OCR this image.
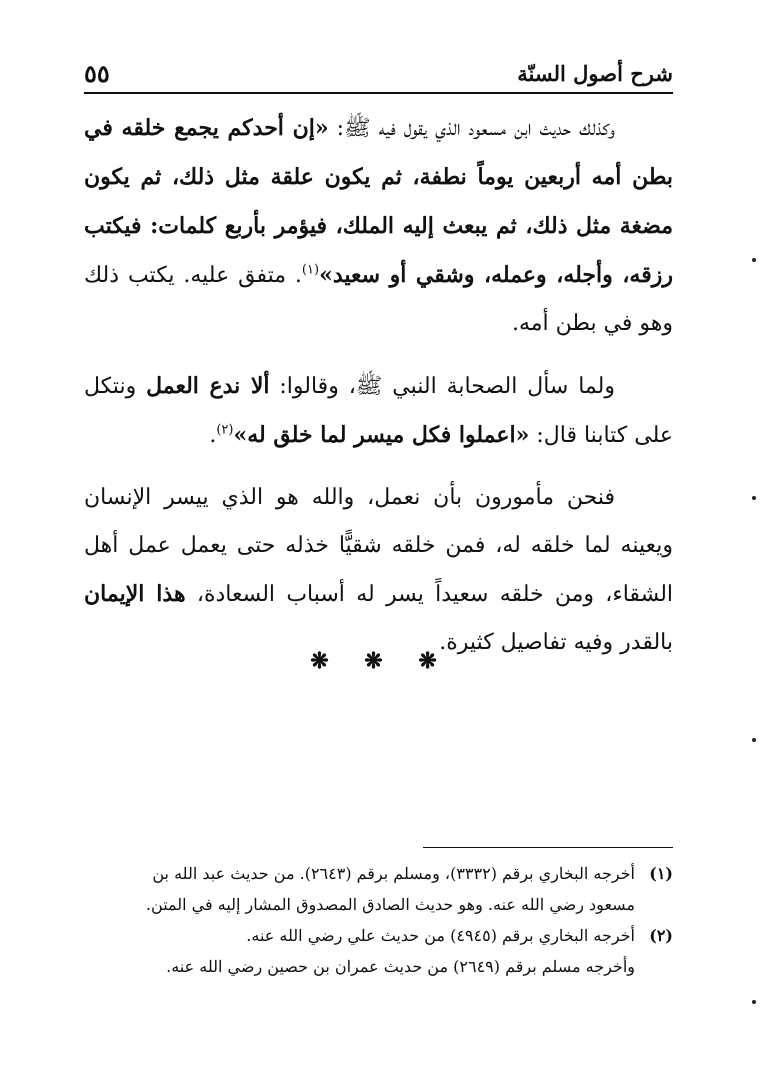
شرح أصول السنّة
٥٥

وكذلك حديث ابن مسعود الذي يقول فيه ﷺ: «إن أحدكم يجمع خلقه في بطن أمه أربعين يوماً نطفة، ثم يكون علقة مثل ذلك، ثم يكون مضغة مثل ذلك، ثم يبعث إليه الملك، فيؤمر بأربع كلمات: فيكتب رزقه، وأجله، وعمله، وشقي أو سعيد»$^{(١)}$. متفق عليه. يكتب ذلك وهو في بطن أمه.

ولما سأل الصحابة النبي ﷺ، وقالوا: ألا ندع العمل ونتكل على كتابنا قال: «اعملوا فكل ميسر لما خلق له»$^{(٢)}$.

فنحن مأمورون بأن نعمل، والله هو الذي ييسر الإنسان ويعينه لما خلقه له، فمن خلقه شقيًّا خذله حتى يعمل عمل أهل الشقاء، ومن خلقه سعيداً يسر له أسباب السعادة، هذا الإيمان بالقدر وفيه تفاصيل كثيرة.

❋ ❋ ❋

(١)أخرجه البخاري برقم (٣٣٣٢)، ومسلم برقم (٢٦٤٣). من حديث عبد الله بن

مسعود رضي الله عنه. وهو حديث الصادق المصدوق المشار إليه في المتن.

(٢)أخرجه البخاري برقم (٤٩٤٥) من حديث علي رضي الله عنه.

وأخرجه مسلم برقم (٢٦٤٩) من حديث عمران بن حصين رضي الله عنه.
